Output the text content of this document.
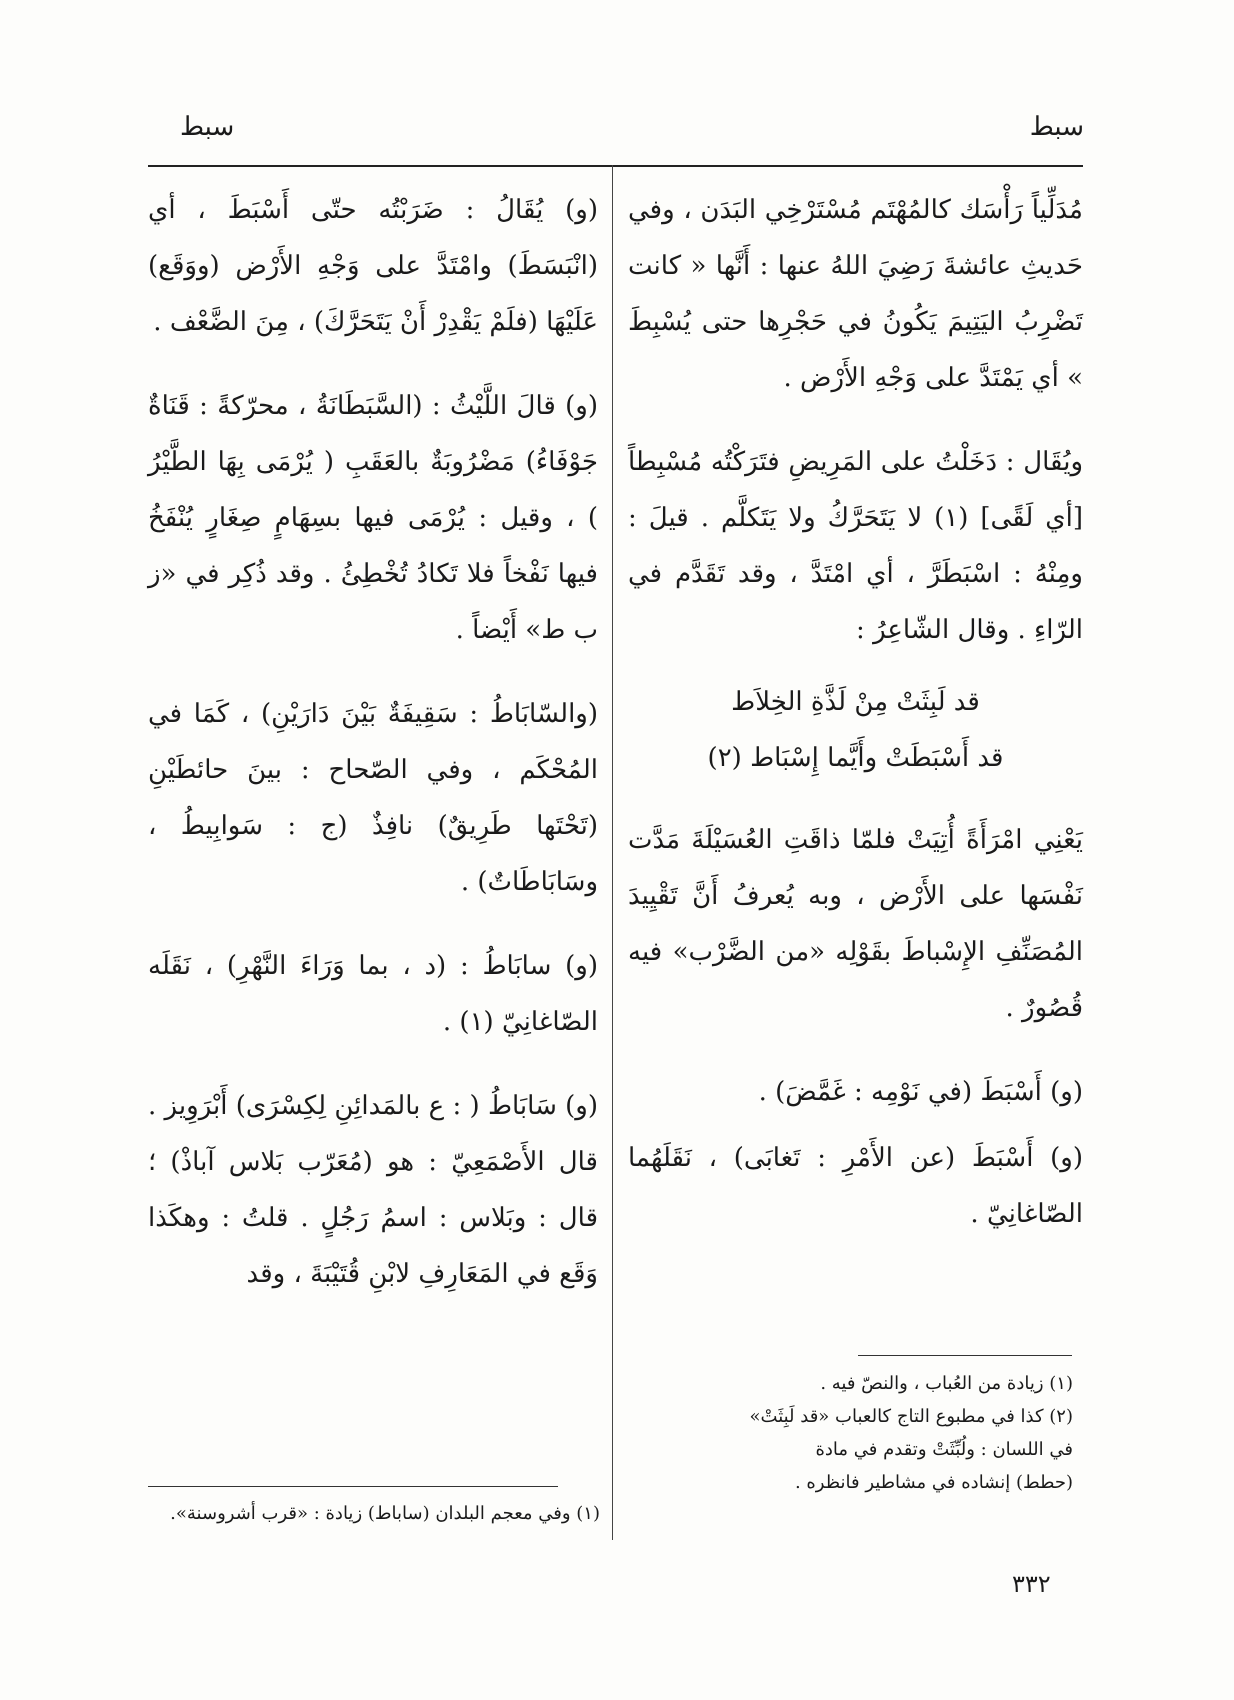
سبط
سبط

مُدَلِّياً رَأْسَك كالمُهْتَم مُسْتَرْخِي البَدَن ، وفي حَديثِ عائشةَ رَضِيَ اللهُ عنها : أَنَّها « كانت تَضْرِبُ اليَتِيمَ يَكُونُ في حَجْرِها حتى يُسْبِطَ » أي يَمْتَدَّ على وَجْهِ الأَرْض .

ويُقَال : دَخَلْتُ على المَرِيضِ فتَرَكْتُه مُسْبِطاً [أي لَقًى] (١) لا يَتَحَرَّكُ ولا يَتَكلَّم . قيلَ : ومِنْهُ : اسْبَطَرَّ ، أي امْتَدَّ ، وقد تَقَدَّم في الرّاءِ . وقال الشّاعِرُ :

قد لَبِثَتْ مِنْ لَذَّةِ الخِلاَط
قد أَسْبَطَتْ وأَيَّما إِسْبَاط (٢)

يَعْنِي امْرَأَةً أُتِيَتْ فلمّا ذاقَتِ العُسَيْلَةَ مَدَّت نَفْسَها على الأَرْض ، وبه يُعرفُ أَنَّ تَقْيِيدَ المُصَنِّفِ الإِسْباطَ بقَوْلِه «من الضَّرْب» فيه قُصُورٌ .

(و) أَسْبَطَ (في نَوْمِه : غَمَّضَ) .

(و) أَسْبَطَ (عن الأَمْرِ : تَغابَى) ، نَقَلَهُما الصّاغانِيّ .

(١) زيادة من العُباب ، والنصّ فيه .
(٢) كذا في مطبوع التاج كالعباب «قد لَبِثَتْ»
في اللسان : ولُبِّثَتْ وتقدم في مادة
(حطط) إنشاده في مشاطير فانظره .

(و) يُقَالُ : ضَرَبْتُه حتّى أَسْبَطَ ، أي (انْبَسَطَ) وامْتَدَّ على وَجْهِ الأَرْض (ووَقَع) عَلَيْهَا (فلَمْ يَقْدِرْ أَنْ يَتَحَرَّكَ) ، مِنَ الضَّعْف .

(و) قالَ اللَّيْثُ : (السَّبَطَانَةُ ، محرّكةً : قَنَاةٌ جَوْفَاءُ) مَضْرُوبَةٌ بالعَقَبِ ( يُرْمَى بِهَا الطَّيْرُ ) ، وقيل : يُرْمَى فيها بسِهَامٍ صِغَارٍ يُنْفَخُ فيها نَفْخاً فلا تَكادُ تُخْطِئُ . وقد ذُكِر في «ز ب ط» أَيْضاً .

(والسّابَاطُ : سَقِيفَةٌ بَيْنَ دَارَيْنِ) ، كَمَا في المُحْكَم ، وفي الصّحاح : بينَ حائطَيْنِ (تَحْتَها طَرِيقٌ) نافِذٌ (ج : سَوابِيطُ ، وسَابَاطَاتٌ) .

(و) سابَاطُ : (د ، بما وَرَاءَ النَّهْرِ) ، نَقَلَه الصّاغانِيّ (١) .

(و) سَابَاطُ ( : ع بالمَدائِنِ لِكِسْرَى) أَبْرَوِيز . قال الأَصْمَعِيّ : هو (مُعَرّب بَلاس آباذْ) ؛ قال : وبَلاس : اسمُ رَجُلٍ . قلتُ : وهكَذا وَقَع في المَعَارِفِ لابْنِ قُتَيْبَةَ ، وقد

(١) وفي معجم البلدان (ساباط) زيادة : «قرب أشروسنة».
٣٣٢
